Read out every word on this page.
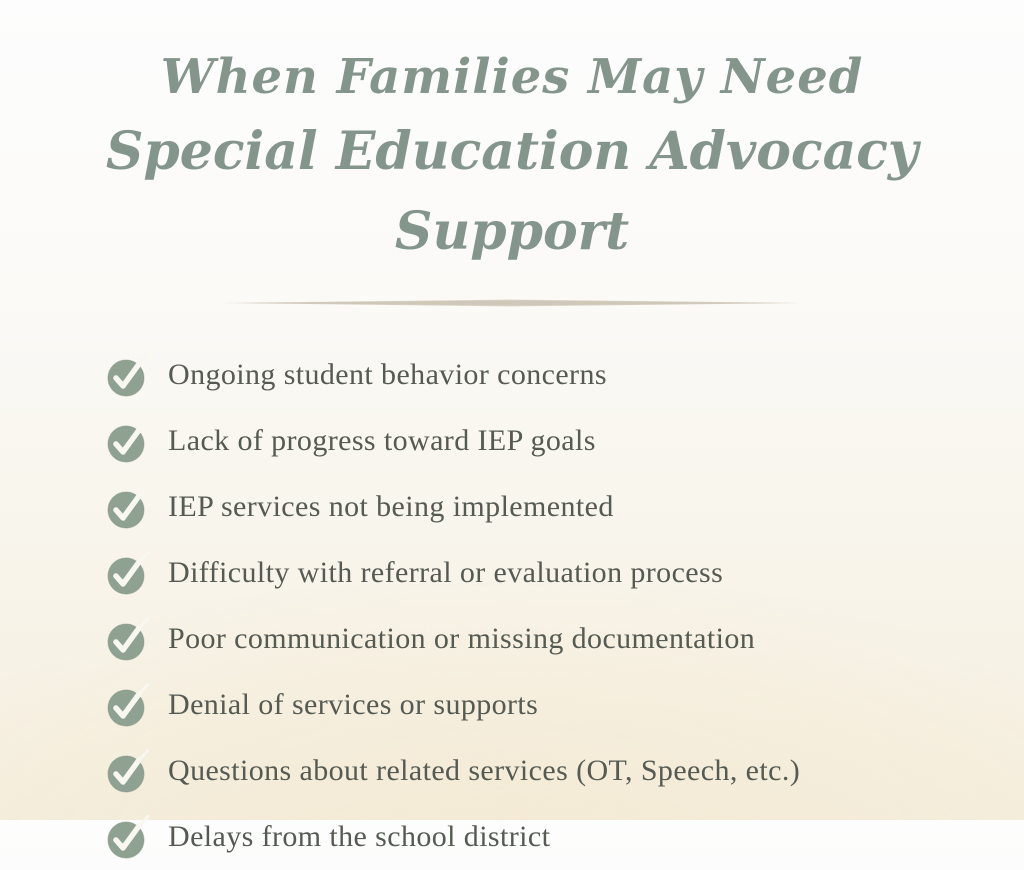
When Families May Need
Special Education Advocacy Support
Ongoing student behavior concerns
Lack of progress toward IEP goals
IEP services not being implemented
Difficulty with referral or evaluation process
Poor communication or missing documentation
Denial of services or supports
Questions about related services (OT, Speech, etc.)
Delays from the school district
